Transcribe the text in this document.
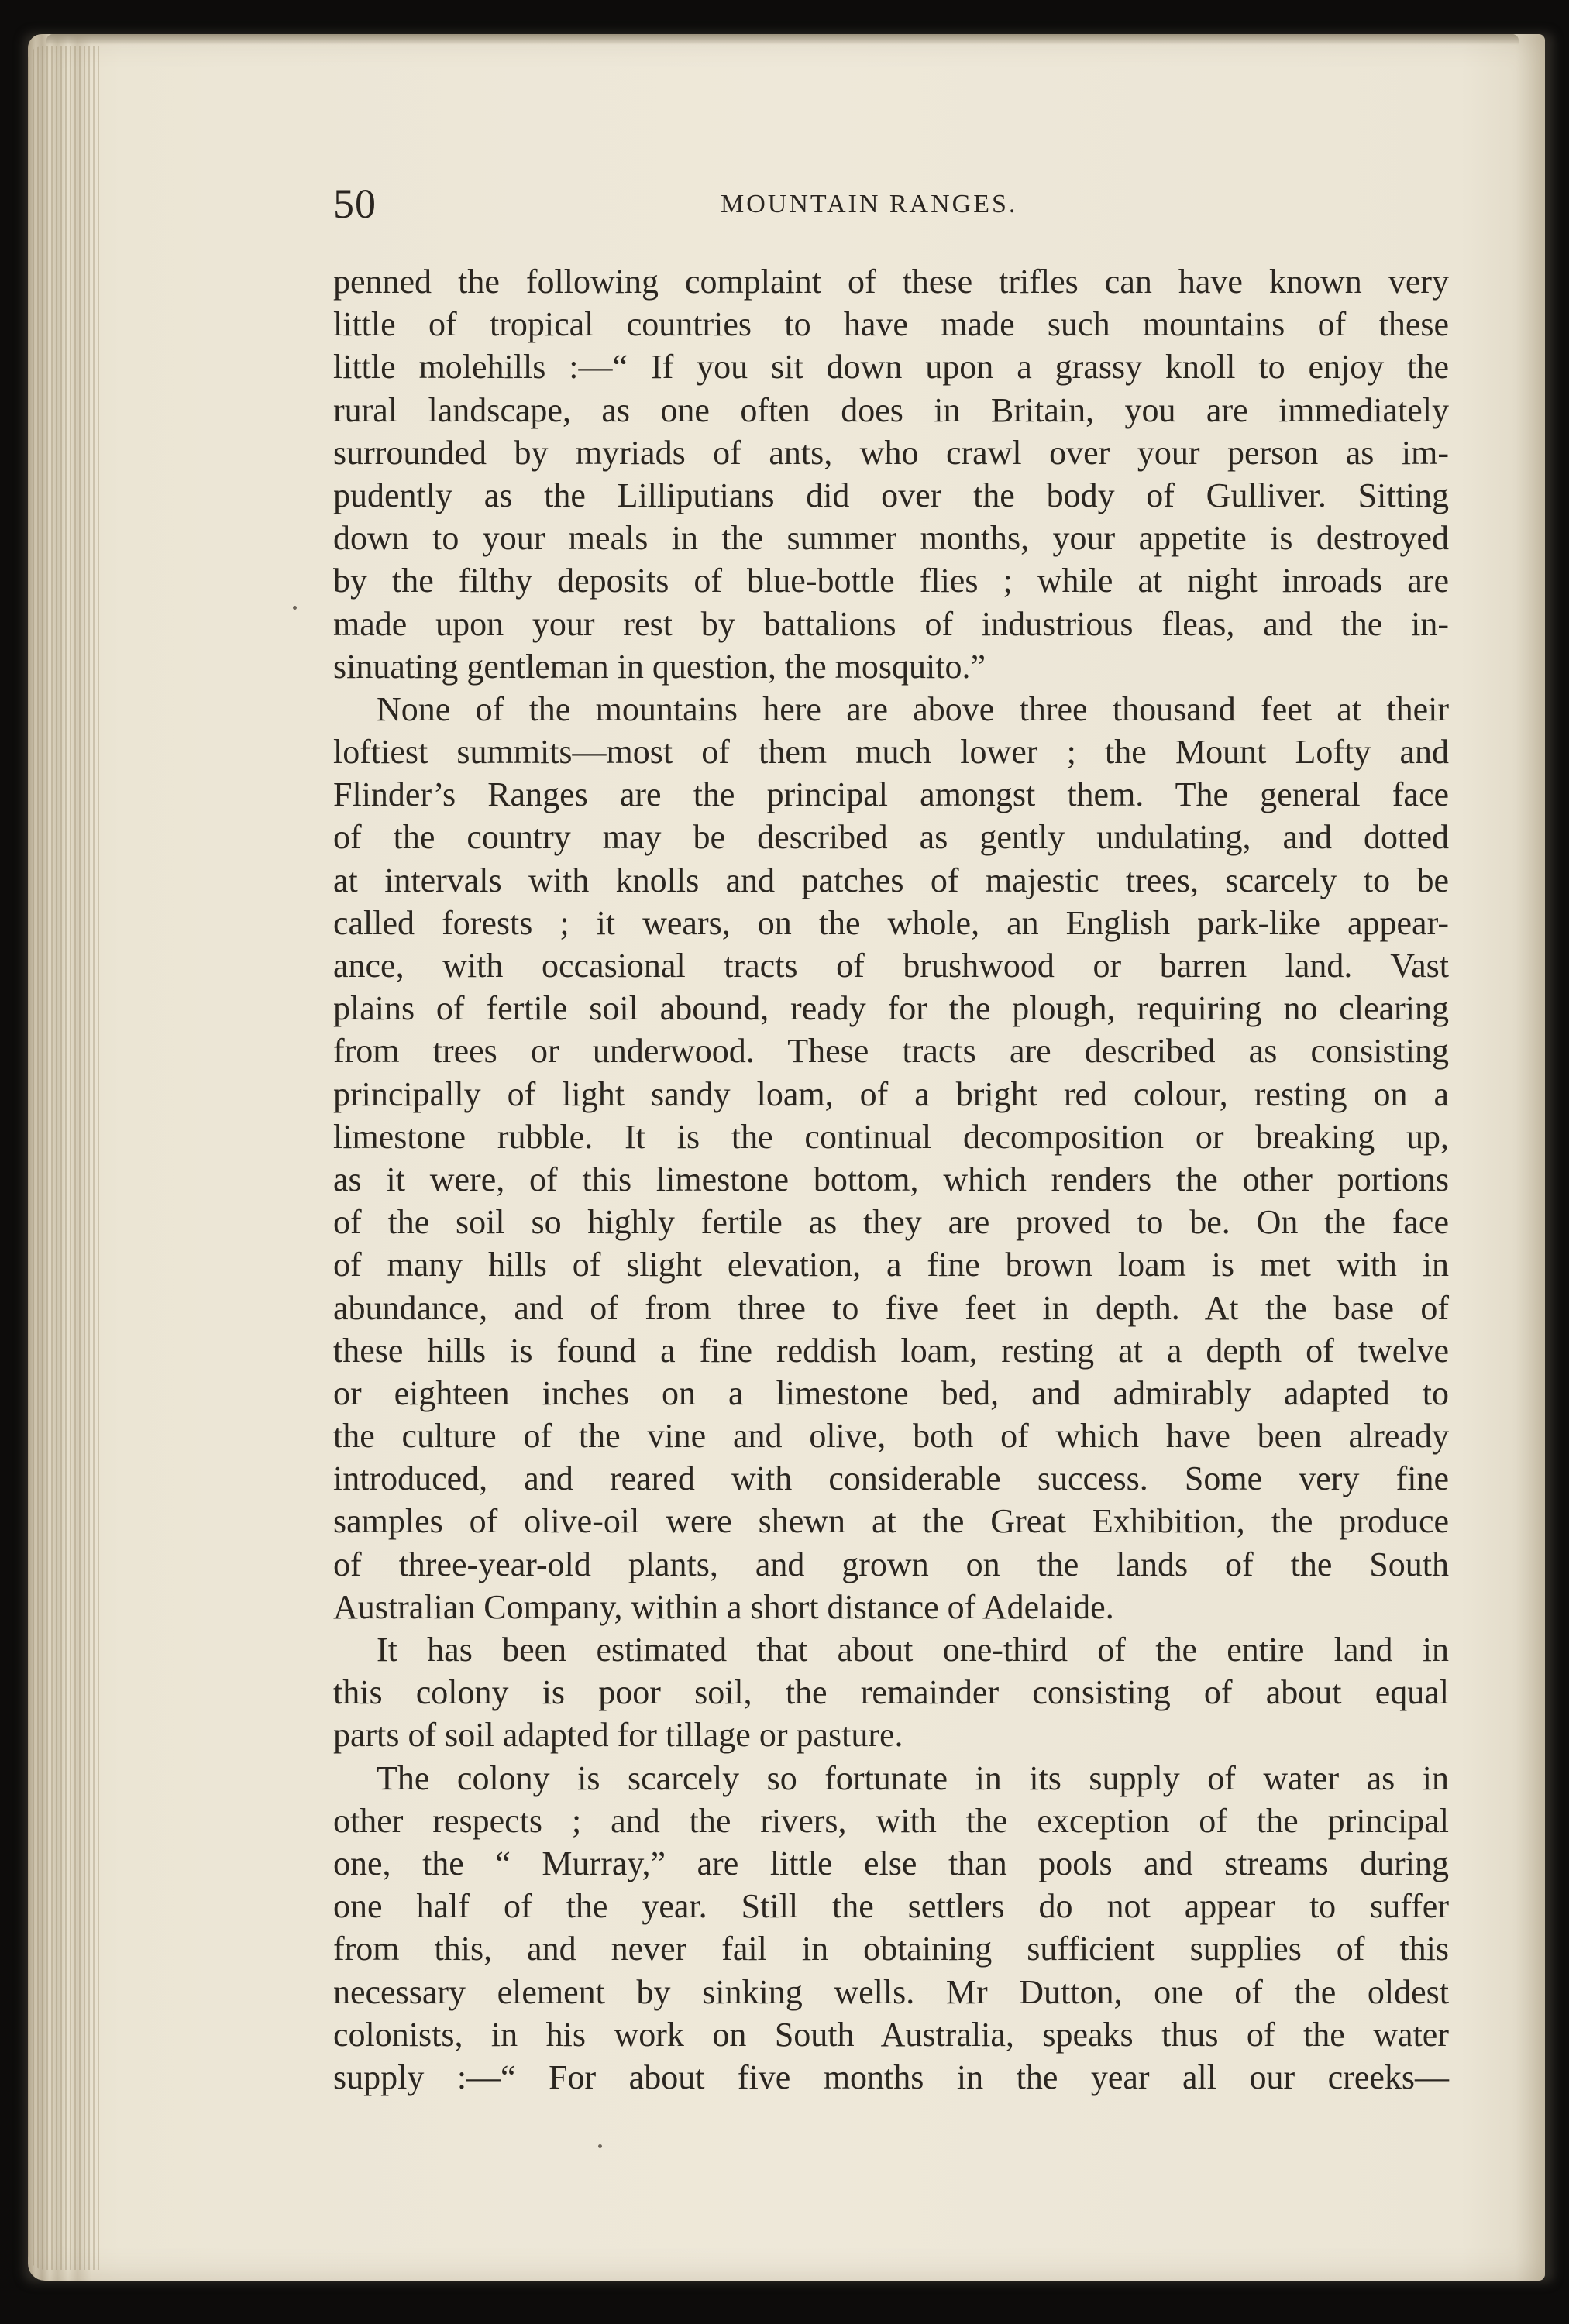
50	MOUNTAIN RANGES.
penned the following complaint of these trifles can have known very
little of tropical countries to have made such mountains of these
little molehills :—“ If you sit down upon a grassy knoll to enjoy the
rural landscape, as one often does in Britain, you are immediately
surrounded by myriads of ants, who crawl over your person as im-
pudently as the Lilliputians did over the body of Gulliver. Sitting
down to your meals in the summer months, your appetite is destroyed
by the filthy deposits of blue-bottle flies ; while at night inroads are
made upon your rest by battalions of industrious fleas, and the in-
sinuating gentleman in question, the mosquito.”
None of the mountains here are above three thousand feet at their
loftiest summits—most of them much lower ; the Mount Lofty and
Flinder’s Ranges are the principal amongst them. The general face
of the country may be described as gently undulating, and dotted
at intervals with knolls and patches of majestic trees, scarcely to be
called forests ; it wears, on the whole, an English park-like appear-
ance, with occasional tracts of brushwood or barren land. Vast
plains of fertile soil abound, ready for the plough, requiring no clearing
from trees or underwood. These tracts are described as consisting
principally of light sandy loam, of a bright red colour, resting on a
limestone rubble. It is the continual decomposition or breaking up,
as it were, of this limestone bottom, which renders the other portions
of the soil so highly fertile as they are proved to be. On the face
of many hills of slight elevation, a fine brown loam is met with in
abundance, and of from three to five feet in depth. At the base of
these hills is found a fine reddish loam, resting at a depth of twelve
or eighteen inches on a limestone bed, and admirably adapted to
the culture of the vine and olive, both of which have been already
introduced, and reared with considerable success. Some very fine
samples of olive-oil were shewn at the Great Exhibition, the produce
of three-year-old plants, and grown on the lands of the South
Australian Company, within a short distance of Adelaide.
It has been estimated that about one-third of the entire land in
this colony is poor soil, the remainder consisting of about equal
parts of soil adapted for tillage or pasture.
The colony is scarcely so fortunate in its supply of water as in
other respects ; and the rivers, with the exception of the principal
one, the “ Murray,” are little else than pools and streams during
one half of the year. Still the settlers do not appear to suffer
from this, and never fail in obtaining sufficient supplies of this
necessary element by sinking wells. Mr Dutton, one of the oldest
colonists, in his work on South Australia, speaks thus of the water
supply :—“ For about five months in the year all our creeks—
